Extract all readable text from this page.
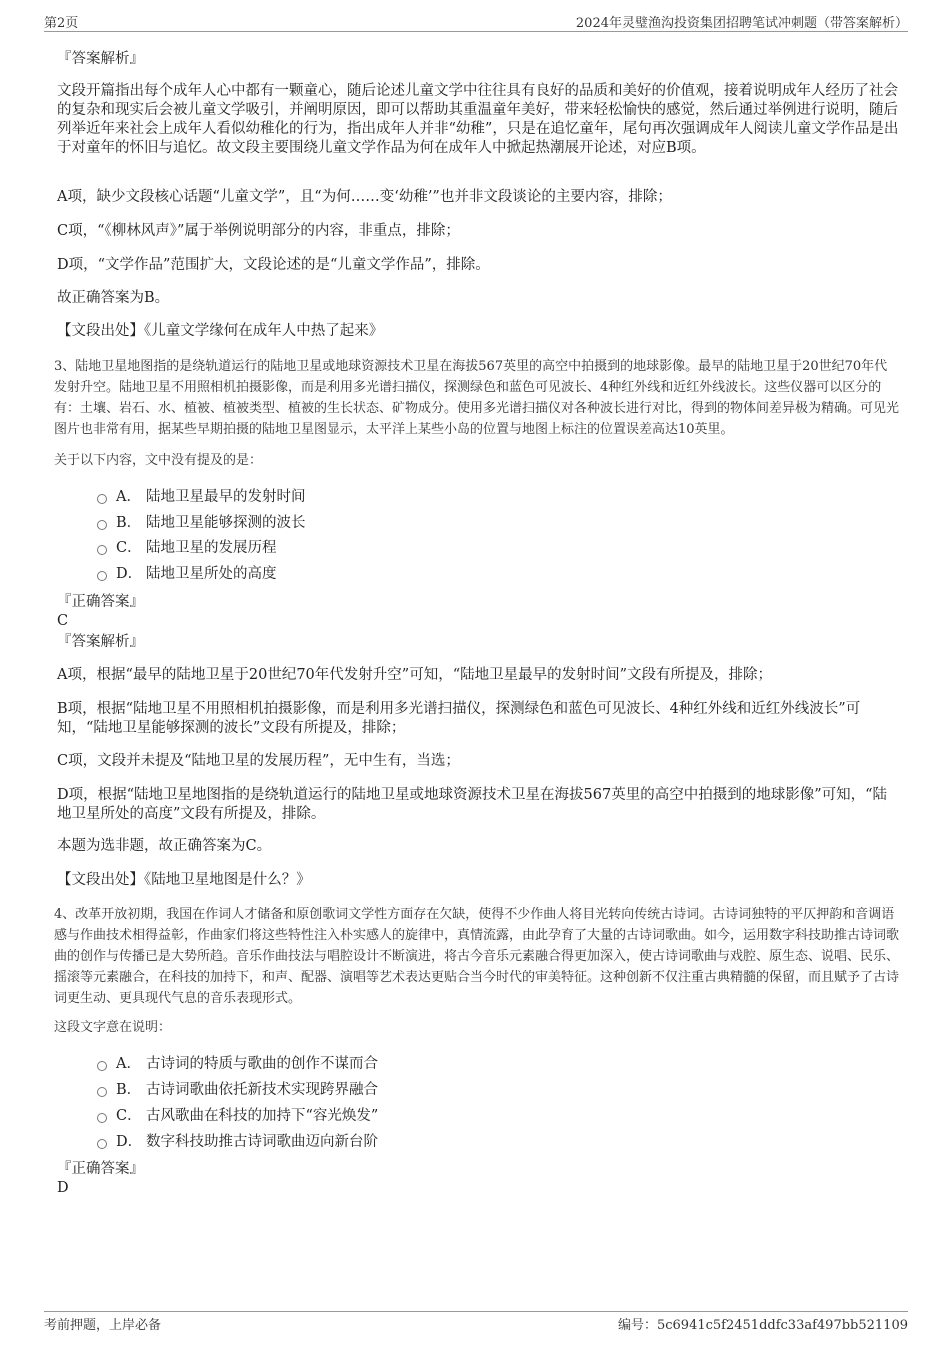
第2页	2024年灵璧渔沟投资集团招聘笔试冲刺题（带答案解析）

『答案解析』

文段开篇指出每个成年人心中都有一颗童心，随后论述儿童文学中往往具有良好的品质和美好的价值观，接着说明成年人经历了社会的复杂和现实后会被儿童文学吸引，并阐明原因，即可以帮助其重温童年美好，带来轻松愉快的感觉，然后通过举例进行说明，随后列举近年来社会上成年人看似幼稚化的行为，指出成年人并非“幼稚”，只是在追忆童年，尾句再次强调成年人阅读儿童文学作品是出于对童年的怀旧与追忆。故文段主要围绕儿童文学作品为何在成年人中掀起热潮展开论述，对应B项。

A项，缺少文段核心话题“儿童文学”，且“为何……变‘幼稚’”也并非文段谈论的主要内容，排除；

C项，“《柳林风声》”属于举例说明部分的内容，非重点，排除；

D项，“文学作品”范围扩大，文段论述的是“儿童文学作品”，排除。

故正确答案为B。

【文段出处】《儿童文学缘何在成年人中热了起来》

3、陆地卫星地图指的是绕轨道运行的陆地卫星或地球资源技术卫星在海拔567英里的高空中拍摄到的地球影像。最早的陆地卫星于20世纪70年代发射升空。陆地卫星不用照相机拍摄影像，而是利用多光谱扫描仪，探测绿色和蓝色可见波长、4种红外线和近红外线波长。这些仪器可以区分的有：土壤、岩石、水、植被、植被类型、植被的生长状态、矿物成分。使用多光谱扫描仪对各种波长进行对比，得到的物体间差异极为精确。可见光图片也非常有用，据某些早期拍摄的陆地卫星图显示，太平洋上某些小岛的位置与地图上标注的位置误差高达10英里。

关于以下内容，文中没有提及的是：

A． 陆地卫星最早的发射时间
B． 陆地卫星能够探测的波长
C． 陆地卫星的发展历程
D． 陆地卫星所处的高度

『正确答案』

C

『答案解析』

A项，根据“最早的陆地卫星于20世纪70年代发射升空”可知，“陆地卫星最早的发射时间”文段有所提及，排除；

B项，根据“陆地卫星不用照相机拍摄影像，而是利用多光谱扫描仪，探测绿色和蓝色可见波长、4种红外线和近红外线波长”可知，“陆地卫星能够探测的波长”文段有所提及，排除；

C项，文段并未提及“陆地卫星的发展历程”，无中生有，当选；

D项，根据“陆地卫星地图指的是绕轨道运行的陆地卫星或地球资源技术卫星在海拔567英里的高空中拍摄到的地球影像”可知，“陆地卫星所处的高度”文段有所提及，排除。

本题为选非题，故正确答案为C。

【文段出处】《陆地卫星地图是什么？》

4、改革开放初期，我国在作词人才储备和原创歌词文学性方面存在欠缺，使得不少作曲人将目光转向传统古诗词。古诗词独特的平仄押韵和音调语感与作曲技术相得益彰，作曲家们将这些特性注入朴实感人的旋律中，真情流露，由此孕育了大量的古诗词歌曲。如今，运用数字科技助推古诗词歌曲的创作与传播已是大势所趋。音乐作曲技法与唱腔设计不断演进，将古今音乐元素融合得更加深入，使古诗词歌曲与戏腔、原生态、说唱、民乐、摇滚等元素融合，在科技的加持下，和声、配器、演唱等艺术表达更贴合当今时代的审美特征。这种创新不仅注重古典精髓的保留，而且赋予了古诗词更生动、更具现代气息的音乐表现形式。

这段文字意在说明：

A． 古诗词的特质与歌曲的创作不谋而合
B． 古诗词歌曲依托新技术实现跨界融合
C． 古风歌曲在科技的加持下“容光焕发”
D． 数字科技助推古诗词歌曲迈向新台阶

『正确答案』

D

考前押题，上岸必备	编号：5c6941c5f2451ddfc33af497bb521109
